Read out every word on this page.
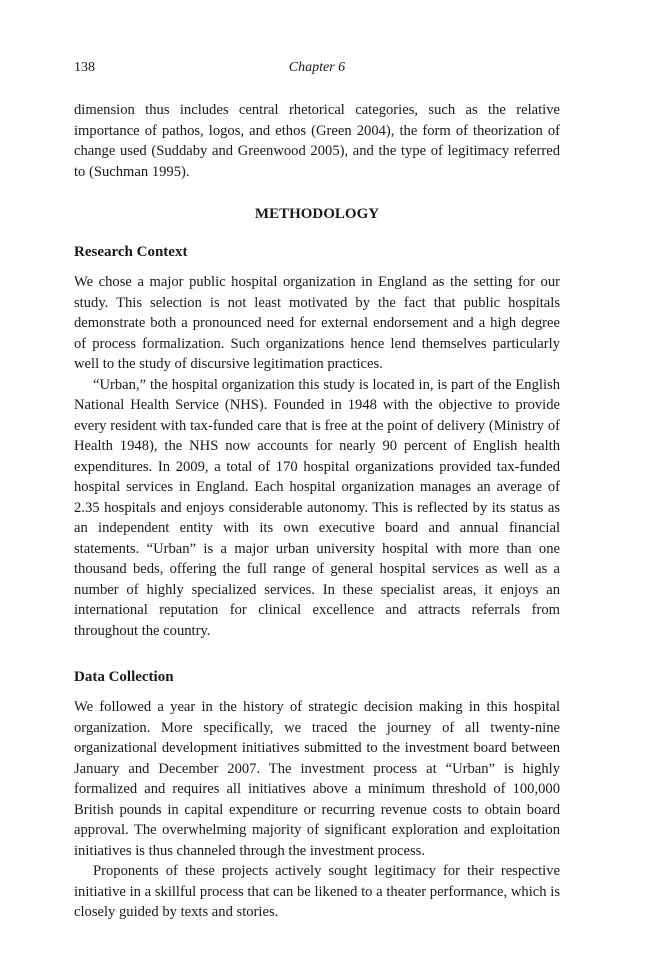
138	Chapter 6

dimension thus includes central rhetorical categories, such as the relative importance of pathos, logos, and ethos (Green 2004), the form of theorization of change used (Suddaby and Greenwood 2005), and the type of legitimacy referred to (Suchman 1995).

METHODOLOGY
Research Context

We chose a major public hospital organization in England as the setting for our study. This selection is not least motivated by the fact that public hospitals demonstrate both a pronounced need for external endorsement and a high degree of process formalization. Such organizations hence lend themselves particularly well to the study of discursive legitimation practices.

“Urban,” the hospital organization this study is located in, is part of the English National Health Service (NHS). Founded in 1948 with the objective to provide every resident with tax-funded care that is free at the point of delivery (Ministry of Health 1948), the NHS now accounts for nearly 90 percent of English health expenditures. In 2009, a total of 170 hospital organizations provided tax-funded hospital services in England. Each hospital organization manages an average of 2.35 hospitals and enjoys considerable autonomy. This is reflected by its status as an independent entity with its own executive board and annual financial statements. “Urban” is a major urban university hospital with more than one thousand beds, offering the full range of general hospital services as well as a number of highly specialized services. In these specialist areas, it enjoys an international reputation for clinical excellence and attracts referrals from throughout the country.

Data Collection

We followed a year in the history of strategic decision making in this hospital organization. More specifically, we traced the journey of all twenty-nine organizational development initiatives submitted to the investment board between January and December 2007. The investment process at “Urban” is highly formalized and requires all initiatives above a minimum threshold of 100,000 British pounds in capital expenditure or recurring revenue costs to obtain board approval. The overwhelming majority of significant exploration and exploitation initiatives is thus channeled through the investment process.

Proponents of these projects actively sought legitimacy for their respective initiative in a skillful process that can be likened to a theater performance, which is closely guided by texts and stories.
